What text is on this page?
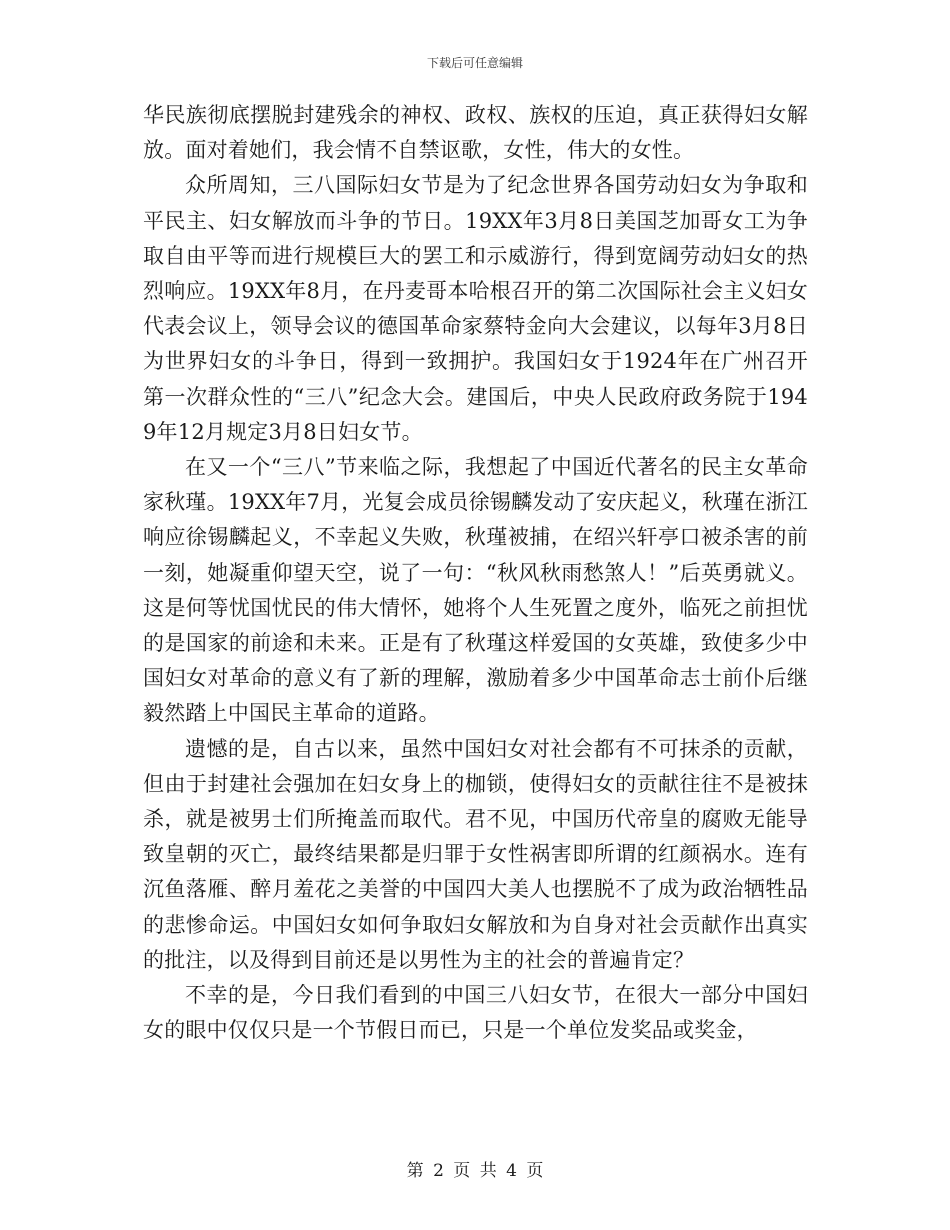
下载后可任意编辑

华民族彻底摆脱封建残余的神权、政权、族权的压迫，真正获得妇女解放。面对着她们，我会情不自禁讴歌，女性，伟大的女性。

众所周知，三八国际妇女节是为了纪念世界各国劳动妇女为争取和平民主、妇女解放而斗争的节日。19XX年3月8日美国芝加哥女工为争取自由平等而进行规模巨大的罢工和示威游行，得到宽阔劳动妇女的热烈响应。19XX年8月，在丹麦哥本哈根召开的第二次国际社会主义妇女代表会议上，领导会议的德国革命家蔡特金向大会建议，以每年3月8日为世界妇女的斗争日，得到一致拥护。我国妇女于1924年在广州召开第一次群众性的“三八”纪念大会。建国后，中央人民政府政务院于1949年12月规定3月8日妇女节。

在又一个“三八”节来临之际，我想起了中国近代著名的民主女革命家秋瑾。19XX年7月，光复会成员徐锡麟发动了安庆起义，秋瑾在浙江响应徐锡麟起义，不幸起义失败，秋瑾被捕，在绍兴轩亭口被杀害的前一刻，她凝重仰望天空，说了一句：“秋风秋雨愁煞人！”后英勇就义。这是何等忧国忧民的伟大情怀，她将个人生死置之度外，临死之前担忧的是国家的前途和未来。正是有了秋瑾这样爱国的女英雄，致使多少中国妇女对革命的意义有了新的理解，激励着多少中国革命志士前仆后继毅然踏上中国民主革命的道路。

遗憾的是，自古以来，虽然中国妇女对社会都有不可抹杀的贡献，但由于封建社会强加在妇女身上的枷锁，使得妇女的贡献往往不是被抹杀，就是被男士们所掩盖而取代。君不见，中国历代帝皇的腐败无能导致皇朝的灭亡，最终结果都是归罪于女性祸害即所谓的红颜祸水。连有沉鱼落雁、醉月羞花之美誉的中国四大美人也摆脱不了成为政治牺牲品的悲惨命运。中国妇女如何争取妇女解放和为自身对社会贡献作出真实的批注，以及得到目前还是以男性为主的社会的普遍肯定？

不幸的是，今日我们看到的中国三八妇女节，在很大一部分中国妇女的眼中仅仅只是一个节假日而已，只是一个单位发奖品或奖金，

第 2 页 共 4 页
